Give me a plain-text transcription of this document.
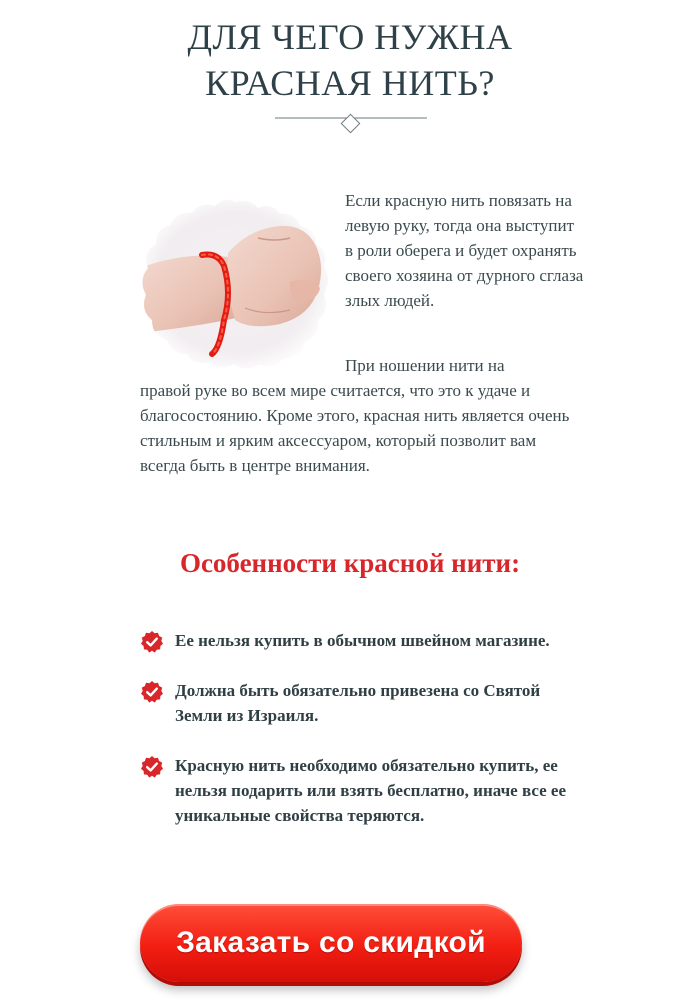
ДЛЯ ЧЕГО НУЖНА
КРАСНАЯ НИТЬ?

Если красную нить повязать на левую руку, тогда она выступит в роли оберега и будет охранять своего хозяина от дурного сглаза злых людей.

При ношении нити на

правой руке во всем мире считается, что это к удаче и благосостоянию. Кроме этого, красная нить является очень стильным и ярким аксессуаром, который позволит вам всегда быть в центре внимания.

Особенности красной нити:
Ее нельзя купить в обычном швейном магазине.
Должна быть обязательно привезена со Святой Земли из Израиля.
Красную нить необходимо обязательно купить, ее нельзя подарить или взять бесплатно, иначе все ее уникальные свойства теряются.
Заказать со скидкой
